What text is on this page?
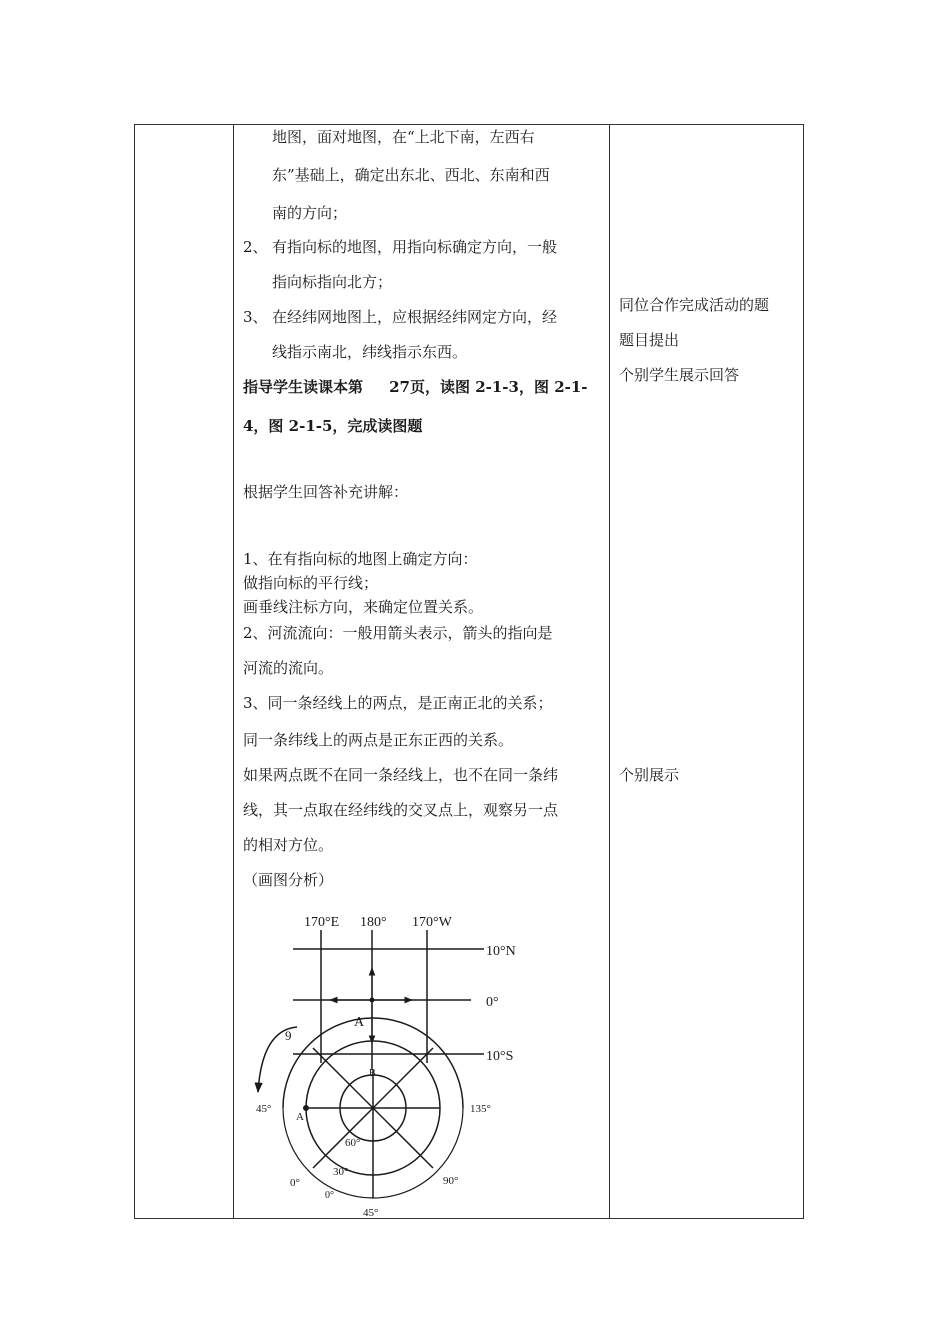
地图，面对地图，在“上北下南，左西右
东”基础上，确定出东北、西北、东南和西
南的方向；
2、 有指向标的地图，用指向标确定方向，一般
指向标指向北方；
3、 在经纬网地图上，应根据经纬网定方向，经
线指示南北，纬线指示东西。
指导学生读课本第     27页，读图 2-1-3，图 2-1-
4，图 2-1-5，完成读图题
根据学生回答补充讲解：
1、在有指向标的地图上确定方向：
做指向标的平行线；
画垂线注标方向，来确定位置关系。
2、河流流向：一般用箭头表示，箭头的指向是
河流的流向。
3、同一条经线上的两点，是正南正北的关系；
同一条纬线上的两点是正东正西的关系。
如果两点既不在同一条经线上，也不在同一条纬
线，其一点取在经纬线的交叉点上，观察另一点
的相对方位。
（画图分析）
同位合作完成活动的题
题目提出
个别学生展示回答
个别展示
170°E 180° 170°W
10°N
0°
10°S
A
9
B
A
45°	135°
60°
30°
0°
0°
90°
45°
